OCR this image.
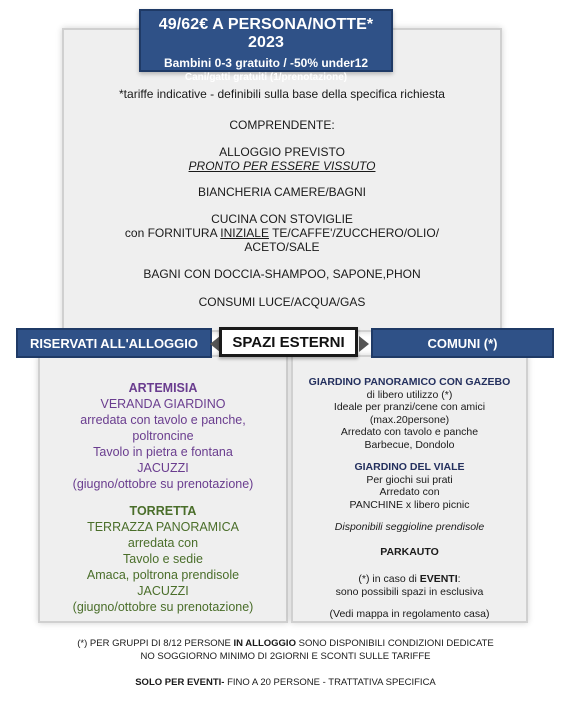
49/62€ A PERSONA/NOTTE* 2023
Bambini 0-3 gratuito / -50% under12
Cani/gatti gratuiti (1/prenotazione)
*tariffe indicative - definibili sulla base della specifica richiesta
COMPRENDENTE:
ALLOGGIO PREVISTO
PRONTO PER ESSERE VISSUTO
BIANCHERIA CAMERE/BAGNI
CUCINA CON STOVIGLIE
con FORNITURA INIZIALE TE/CAFFE'/ZUCCHERO/OLIO/
ACETO/SALE
BAGNI CON DOCCIA-SHAMPOO, SAPONE,PHON
CONSUMI LUCE/ACQUA/GAS
RISERVATI ALL'ALLOGGIO	COMUNI (*)
SPAZI ESTERNI
ARTEMISIA
VERANDA GIARDINO
arredata con tavolo e panche,
poltroncine
Tavolo in pietra e fontana
JACUZZI
(giugno/ottobre su prenotazione)
TORRETTA
TERRAZZA PANORAMICA
arredata con
Tavolo e sedie
Amaca, poltrona prendisole
JACUZZI
(giugno/ottobre su prenotazione)
GIARDINO PANORAMICO CON GAZEBO
di libero utilizzo (*)
Ideale per pranzi/cene con amici
(max.20persone)
Arredato con tavolo e panche
Barbecue, Dondolo
GIARDINO DEL VIALE
Per giochi sui prati
Arredato con
PANCHINE x libero picnic
Disponibili seggioline prendisole
PARKAUTO
(*) in caso di EVENTI:
sono possibili spazi in esclusiva
(Vedi mappa in regolamento casa)
(*) PER GRUPPI DI 8/12 PERSONE IN ALLOGGIO SONO DISPONIBILI CONDIZIONI DEDICATE
NO SOGGIORNO MINIMO DI 2GIORNI E SCONTI SULLE TARIFFE
SOLO PER EVENTI- FINO A 20 PERSONE - TRATTATIVA SPECIFICA
